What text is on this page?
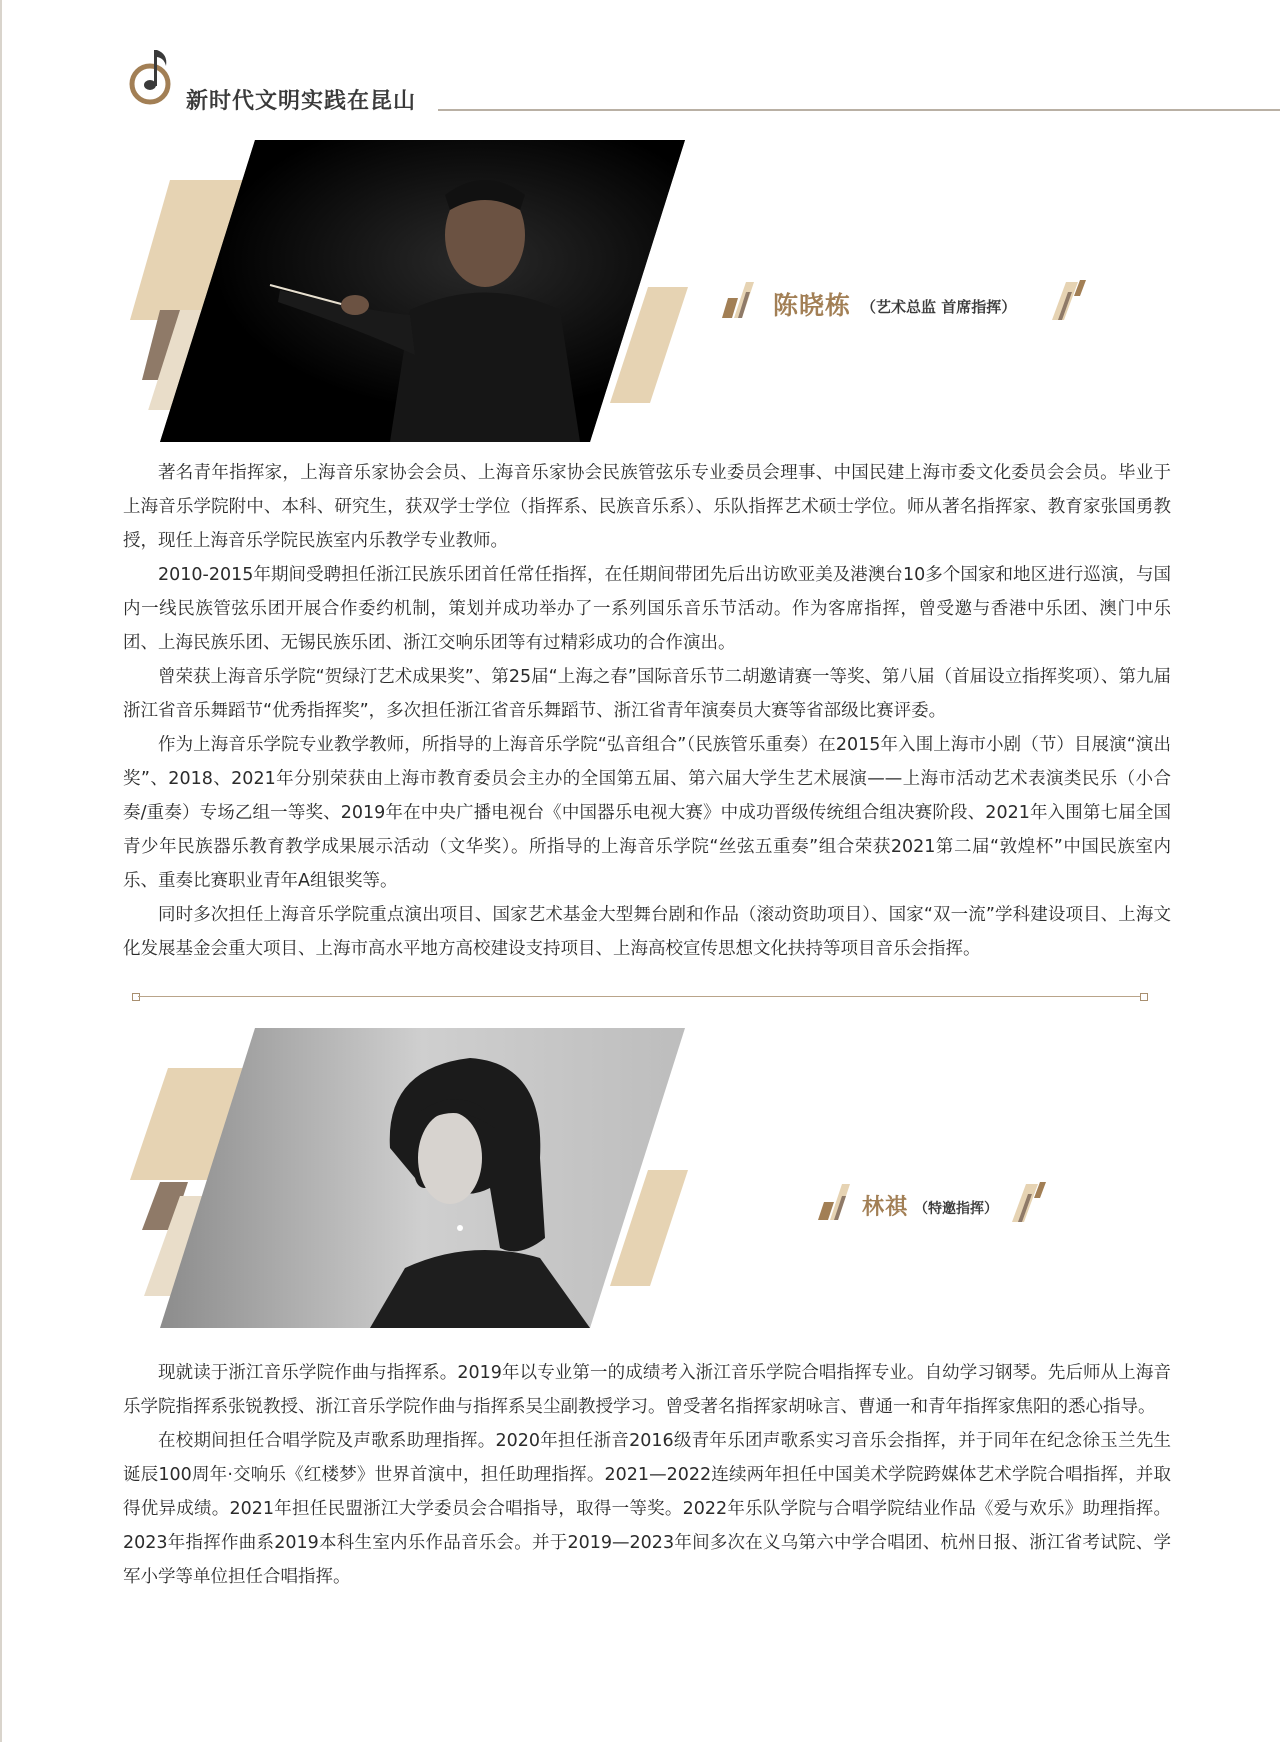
新时代文明实践在昆山
陈晓栋 （艺术总监 首席指挥）

著名青年指挥家，上海音乐家协会会员、上海音乐家协会民族管弦乐专业委员会理事、中国民建上海市委文化委员会会员。毕业于上海音乐学院附中、本科、研究生，获双学士学位（指挥系、民族音乐系）、乐队指挥艺术硕士学位。师从著名指挥家、教育家张国勇教授，现任上海音乐学院民族室内乐教学专业教师。

2010-2015年期间受聘担任浙江民族乐团首任常任指挥，在任期间带团先后出访欧亚美及港澳台10多个国家和地区进行巡演，与国内一线民族管弦乐团开展合作委约机制，策划并成功举办了一系列国乐音乐节活动。作为客席指挥，曾受邀与香港中乐团、澳门中乐团、上海民族乐团、无锡民族乐团、浙江交响乐团等有过精彩成功的合作演出。

曾荣获上海音乐学院“贺绿汀艺术成果奖”、第25届“上海之春”国际音乐节二胡邀请赛一等奖、第八届（首届设立指挥奖项）、第九届浙江省音乐舞蹈节“优秀指挥奖”，多次担任浙江省音乐舞蹈节、浙江省青年演奏员大赛等省部级比赛评委。

作为上海音乐学院专业教学教师，所指导的上海音乐学院“弘音组合”（民族管乐重奏）在2015年入围上海市小剧（节）目展演“演出奖”、2018、2021年分别荣获由上海市教育委员会主办的全国第五届、第六届大学生艺术展演——上海市活动艺术表演类民乐（小合奏/重奏）专场乙组一等奖、2019年在中央广播电视台《中国器乐电视大赛》中成功晋级传统组合组决赛阶段、2021年入围第七届全国青少年民族器乐教育教学成果展示活动（文华奖）。所指导的上海音乐学院“丝弦五重奏”组合荣获2021第二届“敦煌杯”中国民族室内乐、重奏比赛职业青年A组银奖等。

同时多次担任上海音乐学院重点演出项目、国家艺术基金大型舞台剧和作品（滚动资助项目）、国家“双一流”学科建设项目、上海文化发展基金会重大项目、上海市高水平地方高校建设支持项目、上海高校宣传思想文化扶持等项目音乐会指挥。

林祺 （特邀指挥）

现就读于浙江音乐学院作曲与指挥系。2019年以专业第一的成绩考入浙江音乐学院合唱指挥专业。自幼学习钢琴。先后师从上海音乐学院指挥系张锐教授、浙江音乐学院作曲与指挥系吴尘副教授学习。曾受著名指挥家胡咏言、曹通一和青年指挥家焦阳的悉心指导。

在校期间担任合唱学院及声歌系助理指挥。2020年担任浙音2016级青年乐团声歌系实习音乐会指挥，并于同年在纪念徐玉兰先生诞辰100周年·交响乐《红楼梦》世界首演中，担任助理指挥。2021—2022连续两年担任中国美术学院跨媒体艺术学院合唱指挥，并取得优异成绩。2021年担任民盟浙江大学委员会合唱指导，取得一等奖。2022年乐队学院与合唱学院结业作品《爱与欢乐》助理指挥。2023年指挥作曲系2019本科生室内乐作品音乐会。并于2019—2023年间多次在义乌第六中学合唱团、杭州日报、浙江省考试院、学军小学等单位担任合唱指挥。
